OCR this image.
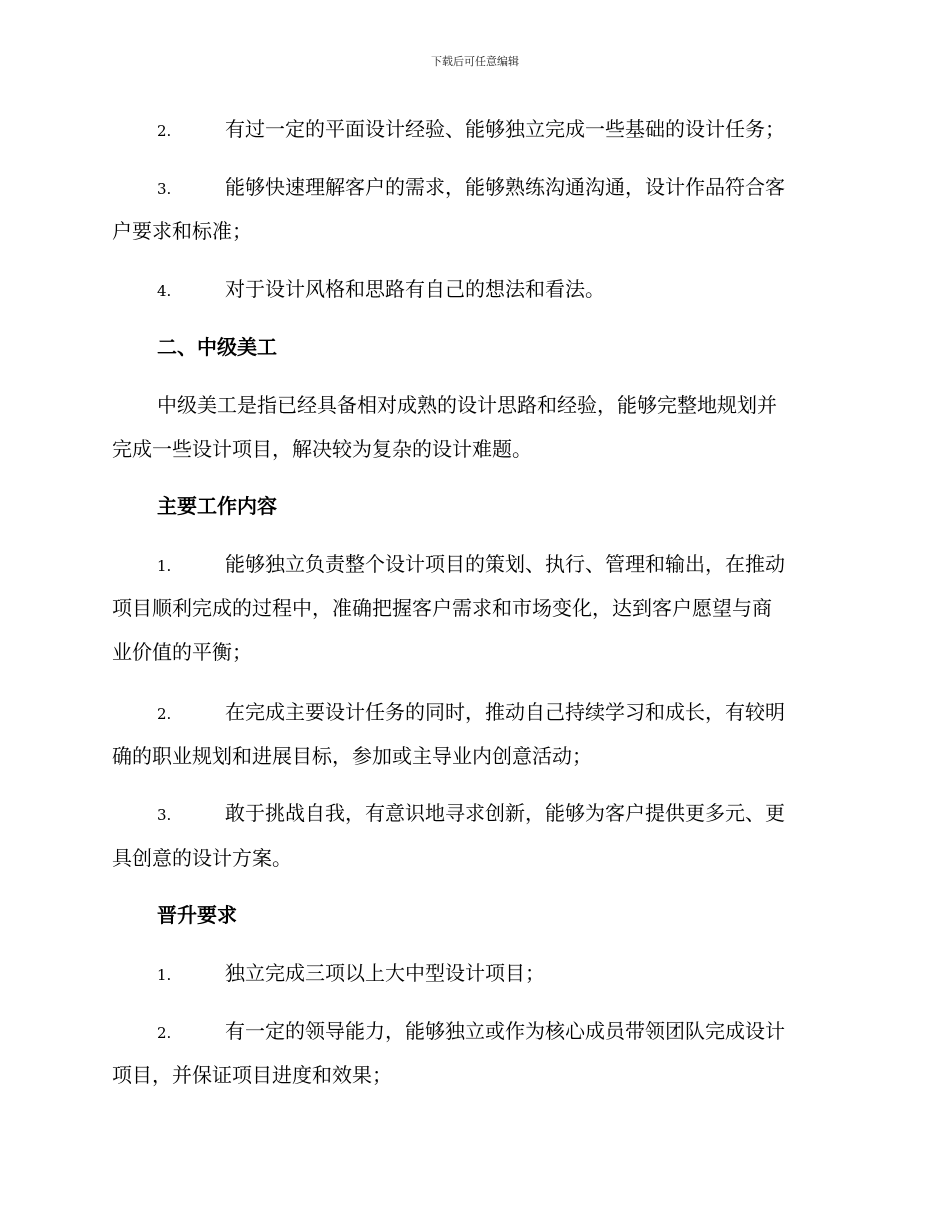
下载后可任意编辑
2.	有过一定的平面设计经验、能够独立完成一些基础的设计任务；
3.	能够快速理解客户的需求，能够熟练沟通沟通，设计作品符合客
户要求和标准；
4.	对于设计风格和思路有自己的想法和看法。
二、中级美工
中级美工是指已经具备相对成熟的设计思路和经验，能够完整地规划并
完成一些设计项目，解决较为复杂的设计难题。
主要工作内容
1.	能够独立负责整个设计项目的策划、执行、管理和输出，在推动
项目顺利完成的过程中，准确把握客户需求和市场变化，达到客户愿望与商
业价值的平衡；
2.	在完成主要设计任务的同时，推动自己持续学习和成长，有较明
确的职业规划和进展目标，参加或主导业内创意活动；
3.	敢于挑战自我，有意识地寻求创新，能够为客户提供更多元、更
具创意的设计方案。
晋升要求
1.	独立完成三项以上大中型设计项目；
2.	有一定的领导能力，能够独立或作为核心成员带领团队完成设计
项目，并保证项目进度和效果；
